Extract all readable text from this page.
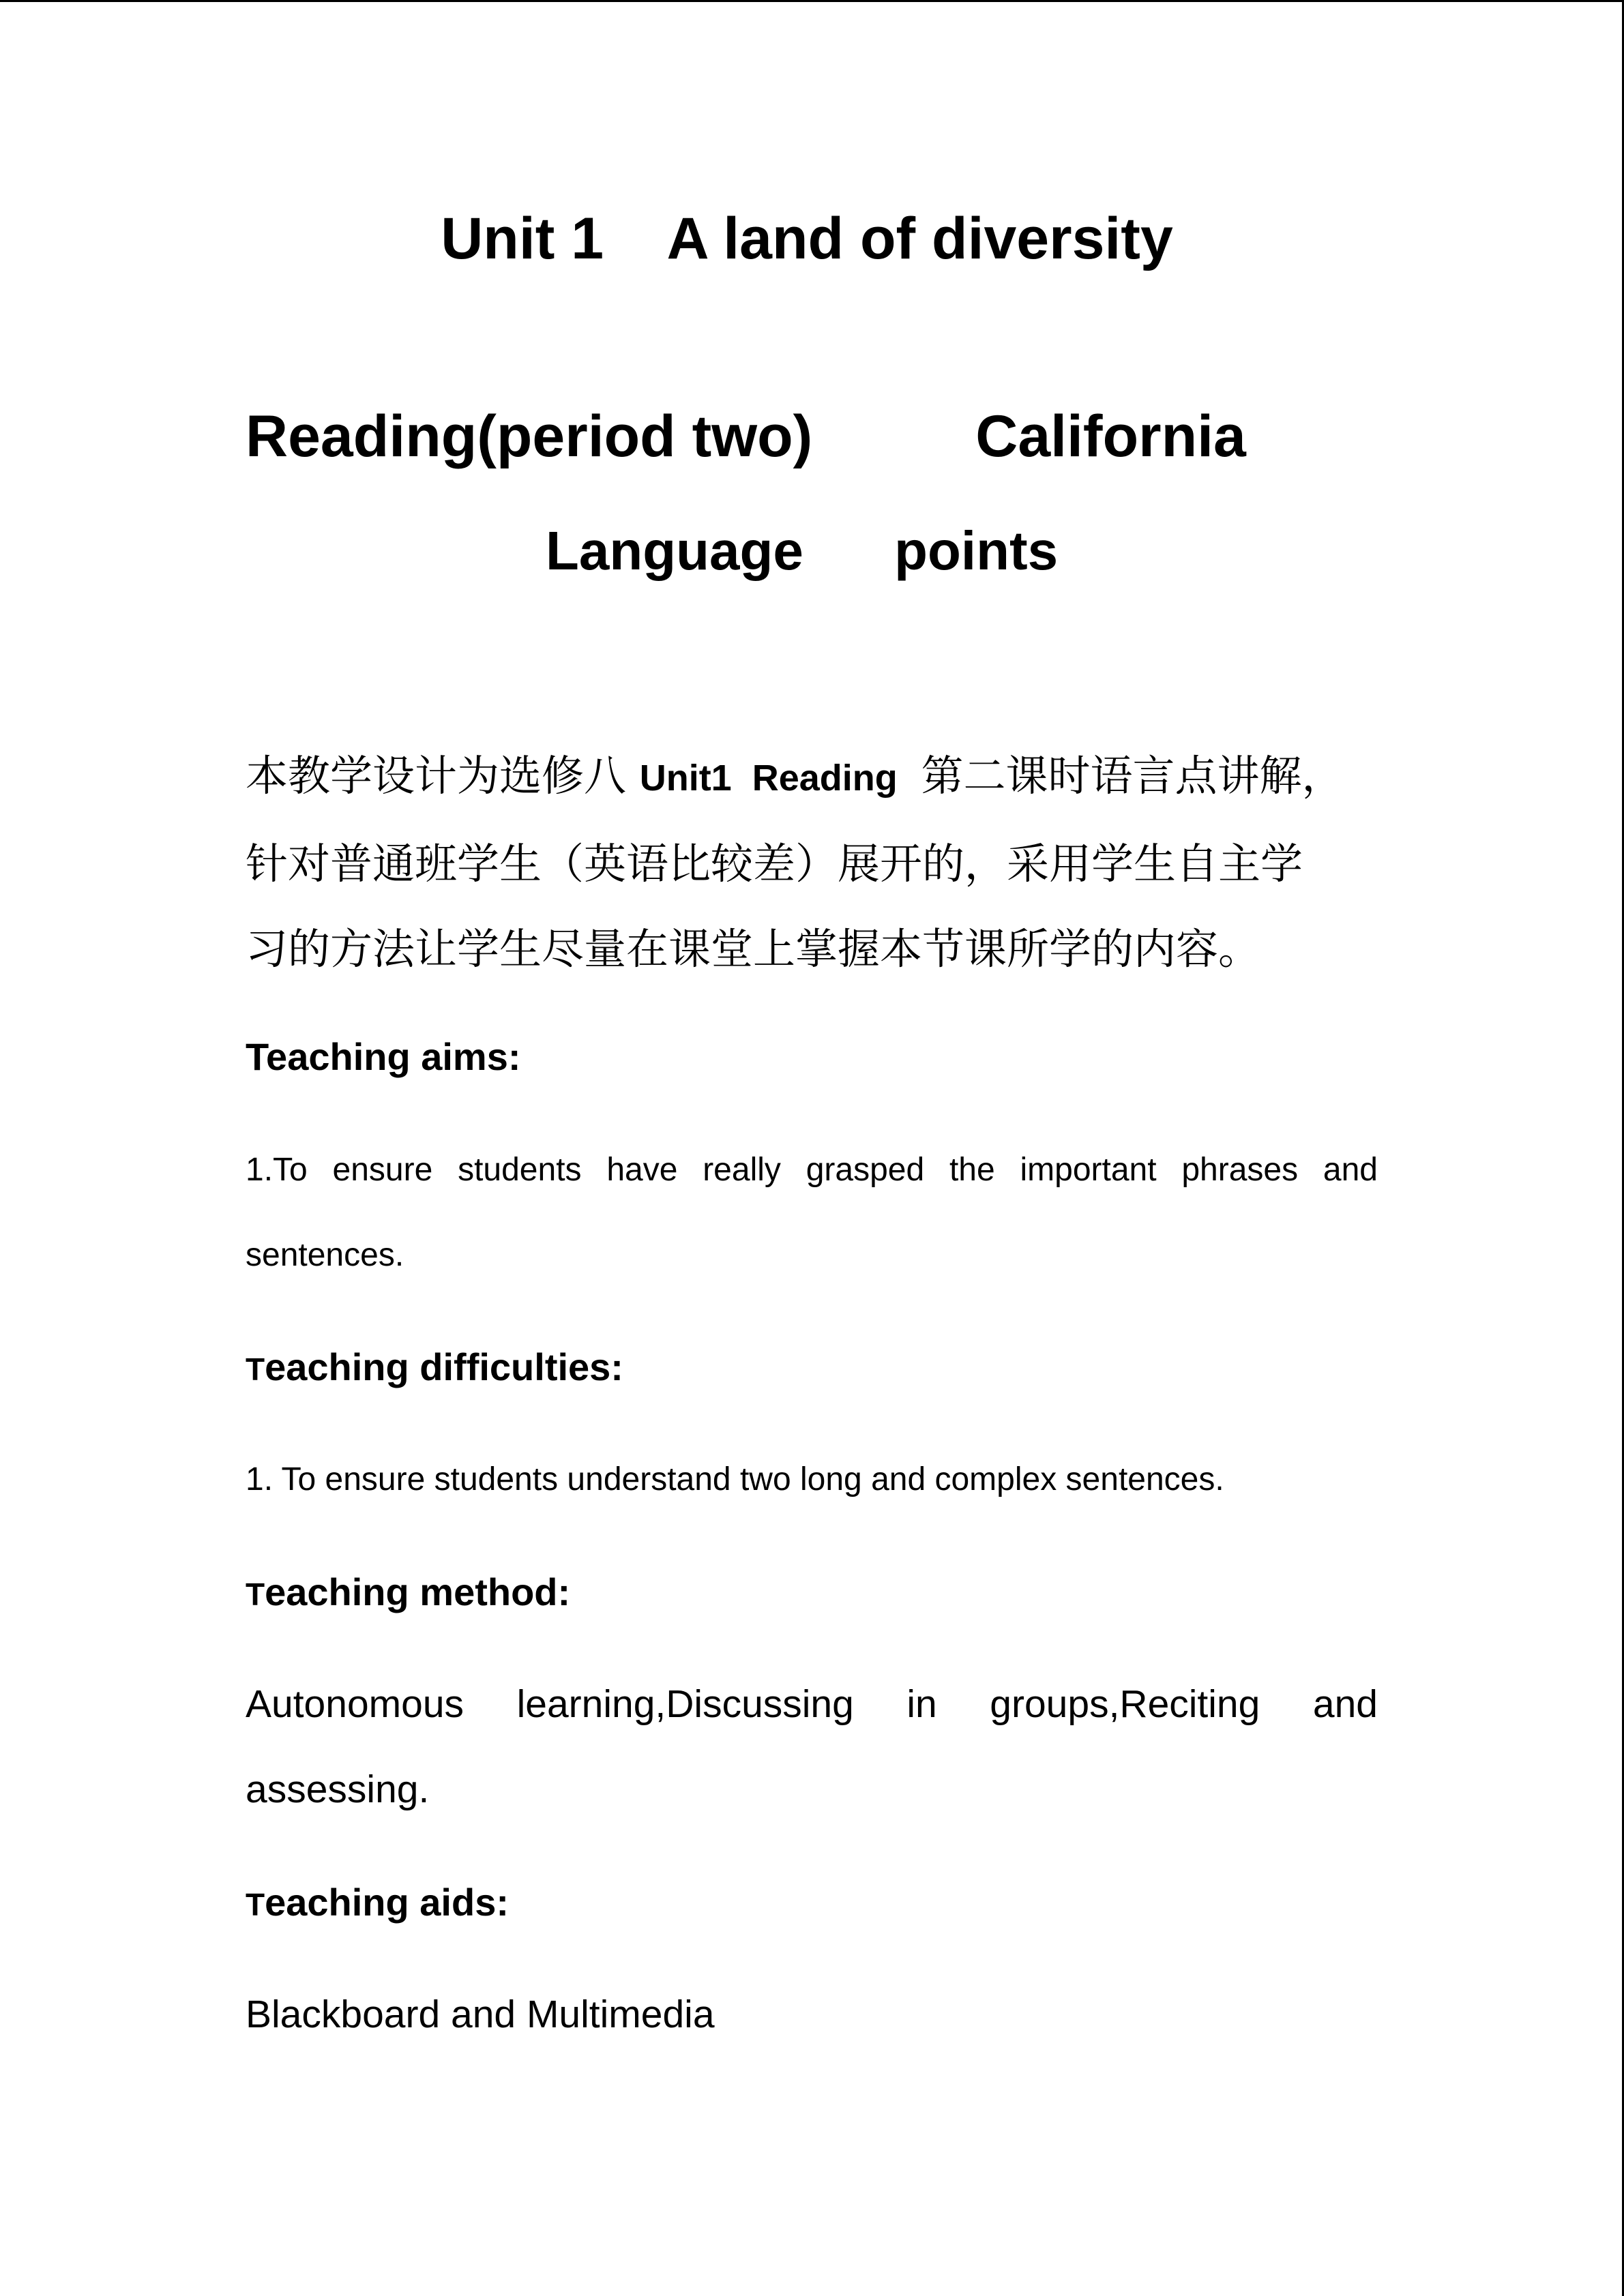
Unit 1    A land of diversity
Reading(period two)          California
Language      points
本教学设计为选修八 Unit1  Reading  第二课时语言点讲解，
针对普通班学生（英语比较差）展开的，采用学生自主学
习的方法让学生尽量在课堂上掌握本节课所学的内容。
Teaching aims:
1.To ensure students have really grasped the important phrases and
sentences.
Teaching difficulties:
1. To ensure students understand two long and complex sentences.
Teaching method:
Autonomous learning,Discussing in groups,Reciting and
assessing.
Teaching aids:
Blackboard and Multimedia
